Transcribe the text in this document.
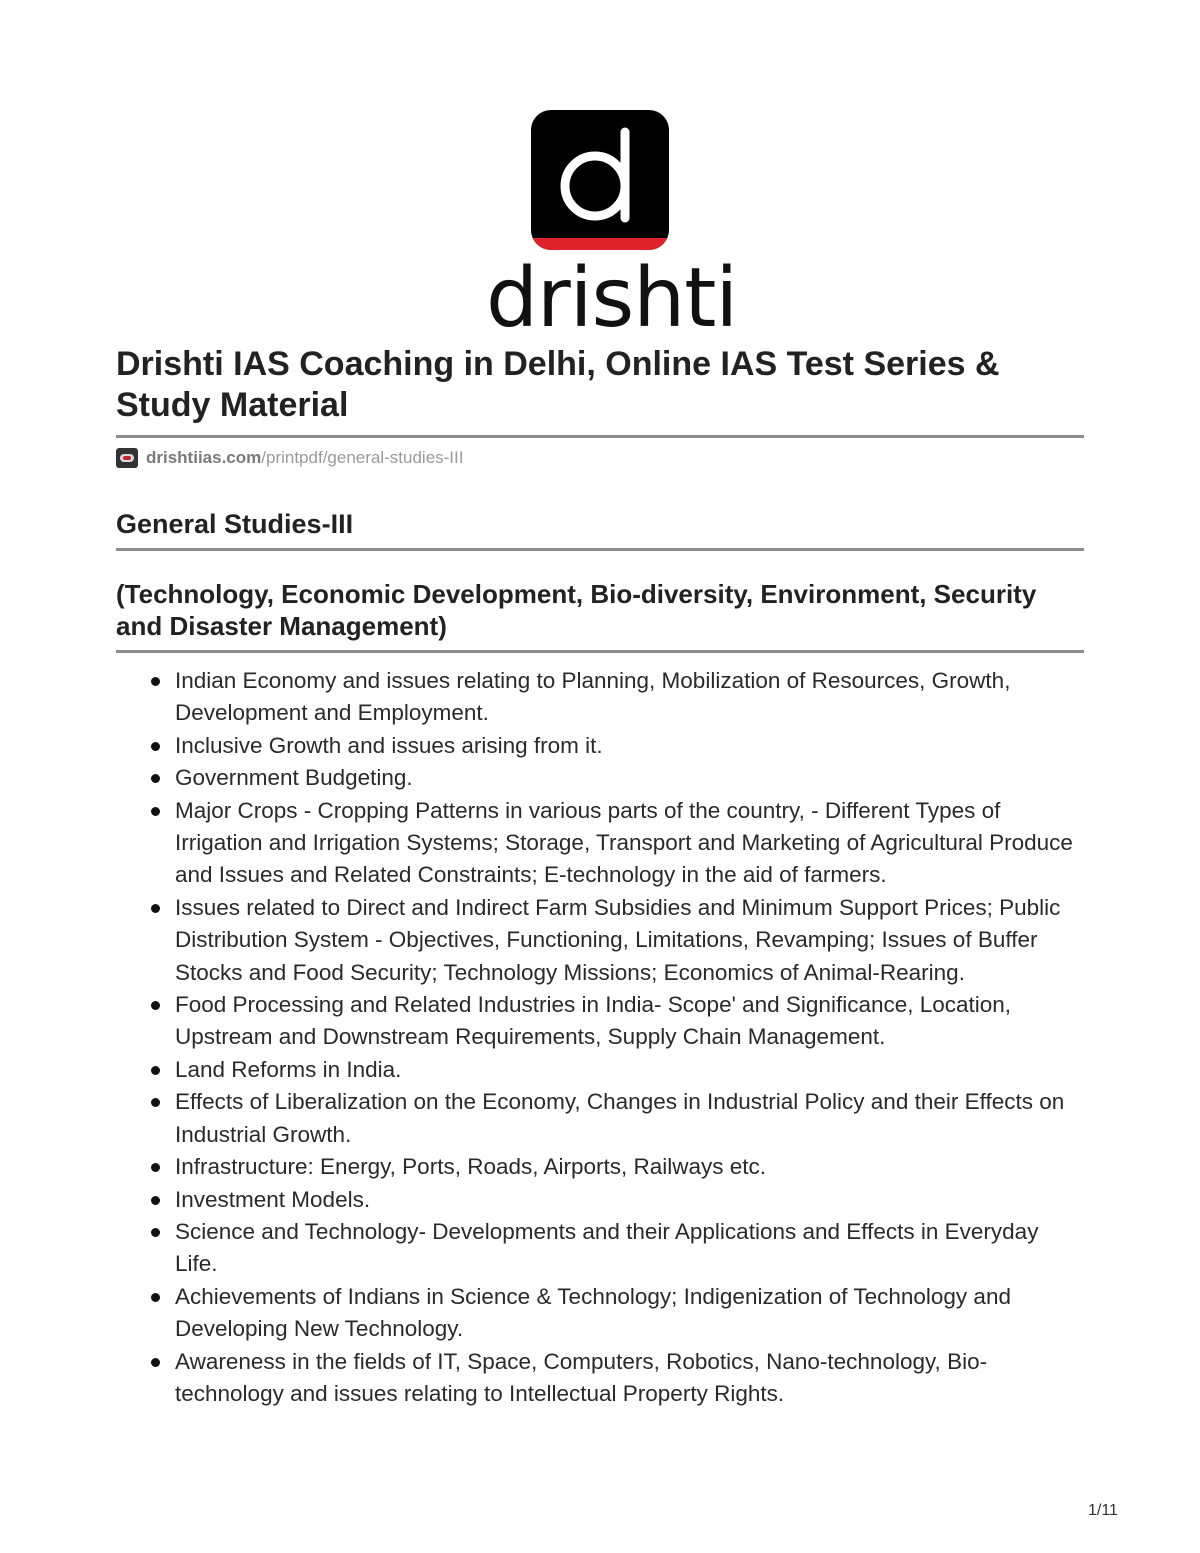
drishti
Drishti IAS Coaching in Delhi, Online IAS Test Series & Study Material
drishtiias.com /printpdf/general-studies-III
General Studies-III
(Technology, Economic Development, Bio-diversity, Environment, Security and Disaster Management)
Indian Economy and issues relating to Planning, Mobilization of Resources, Growth, Development and Employment.
Inclusive Growth and issues arising from it.
Government Budgeting.
Major Crops - Cropping Patterns in various parts of the country, - Different Types of Irrigation and Irrigation Systems; Storage, Transport and Marketing of Agricultural Produce and Issues and Related Constraints; E-technology in the aid of farmers.
Issues related to Direct and Indirect Farm Subsidies and Minimum Support Prices; Public Distribution System - Objectives, Functioning, Limitations, Revamping; Issues of Buffer Stocks and Food Security; Technology Missions; Economics of Animal-Rearing.
Food Processing and Related Industries in India- Scope' and Significance, Location, Upstream and Downstream Requirements, Supply Chain Management.
Land Reforms in India.
Effects of Liberalization on the Economy, Changes in Industrial Policy and their Effects on Industrial Growth.
Infrastructure: Energy, Ports, Roads, Airports, Railways etc.
Investment Models.
Science and Technology- Developments and their Applications and Effects in Everyday Life.
Achievements of Indians in Science & Technology; Indigenization of Technology and Developing New Technology.
Awareness in the fields of IT, Space, Computers, Robotics, Nano-technology, Bio-technology and issues relating to Intellectual Property Rights.
1/11
